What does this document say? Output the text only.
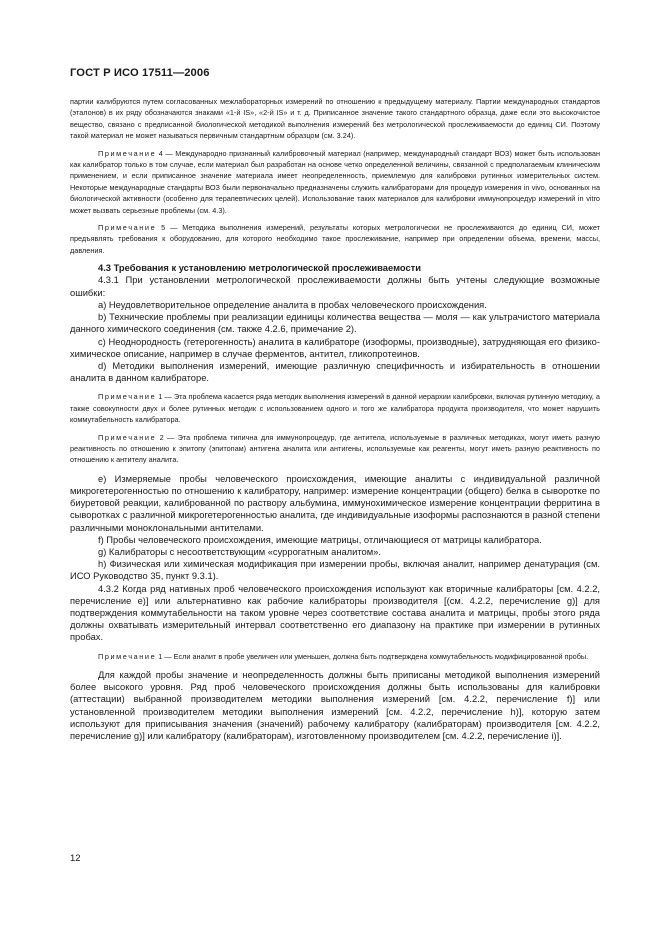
ГОСТ Р ИСО 17511—2006

партии калибруются путем согласованных межлабораторных измерений по отношению к предыдущему материалу. Партии международных стандартов (эталонов) в их ряду обозначаются знаками «1-й IS», «2-й IS» и т. д. Приписанное значение такого стандартного образца, даже если это высокочистое вещество, связано с предписанной биологической методикой выполнения измерений без метрологической прослеживаемости до единиц СИ. Поэтому такой материал не может называться первичным стандартным образцом (см. 3.24).

Примечание 4 — Международно признанный калибровочный материал (например, международный стандарт ВОЗ) может быть использован как калибратор только в том случае, если материал был разработан на основе четко определенной величины, связанной с предполагаемым клиническим применением, и если приписанное значение материала имеет неопределенность, приемлемую для калибровки рутинных измерительных систем. Некоторые международные стандарты ВОЗ были первоначально предназначены служить калибраторами для процедур измерения in vivo, основанных на биологической активности (особенно для терапевтических целей). Использование таких материалов для калибровки иммунопроцедур измерений in vitro может вызвать серьезные проблемы (см. 4.3).

Примечание 5 — Методика выполнения измерений, результаты которых метрологически не прослеживаются до единиц СИ, может предъявлять требования к оборудованию, для которого необходимо такое прослеживание, например при определении объема, времени, массы, давления.

4.3 Требования к установлению метрологической прослеживаемости

4.3.1 При установлении метрологической прослеживаемости должны быть учтены следующие возможные ошибки:

a) Неудовлетворительное определение аналита в пробах человеческого происхождения.

b) Технические проблемы при реализации единицы количества вещества — моля — как ультрачистого материала данного химического соединения (см. также 4.2.6, примечание 2).

c) Неоднородность (гетерогенность) аналита в калибраторе (изоформы, производные), затрудняющая его физико-химическое описание, например в случае ферментов, антител, гликопротеинов.

d) Методики выполнения измерений, имеющие различную специфичность и избирательность в отношении аналита в данном калибраторе.

Примечание 1 — Эта проблема касается ряда методик выполнения измерений в данной иерархии калибровки, включая рутинную методику, а также совокупности двух и более рутинных методик с использованием одного и того же калибратора продукта производителя, что может нарушить коммутабельность калибратора.

Примечание 2 — Эта проблема типична для иммунопроцедур, где антитела, используемые в различных методиках, могут иметь разную реактивность по отношению к эпитопу (эпитопам) антигена аналита или антигены, используемые как реагенты, могут иметь разную реактивность по отношению к антителу аналита.

e) Измеряемые пробы человеческого происхождения, имеющие аналиты с индивидуальной различной микрогетерогенностью по отношению к калибратору, например: измерение концентрации (общего) белка в сыворотке по биуретовой реакции, калиброванной по раствору альбумина, иммунохимическое измерение концентрации ферритина в сыворотках с различной микрогетерогенностью аналита, где индивидуальные изоформы распознаются в разной степени различными моноклональными антителами.

f) Пробы человеческого происхождения, имеющие матрицы, отличающиеся от матрицы калибратора.

g) Калибраторы с несоответствующим «суррогатным аналитом».

h) Физическая или химическая модификация при измерении пробы, включая аналит, например денатурация (см. ИСО Руководство 35, пункт 9.3.1).

4.3.2 Когда ряд нативных проб человеческого происхождения используют как вторичные калибраторы [см. 4.2.2, перечисление e)] или альтернативно как рабочие калибраторы производителя [(см. 4.2.2, перечисление g)] для подтверждения коммутабельности на таком уровне через соответствие состава аналита и матрицы, пробы этого ряда должны охватывать измерительный интервал соответственно его диапазону на практике при измерении в рутинных пробах.

Примечание 1 — Если аналит в пробе увеличен или уменьшен, должна быть подтверждена коммутабельность модифицированной пробы.

Для каждой пробы значение и неопределенность должны быть приписаны методикой выполнения измерений более высокого уровня. Ряд проб человеческого происхождения должны быть использованы для калибровки (аттестации) выбранной производителем методики выполнения измерений [см. 4.2.2, перечисление f)] или установленной производителем методики выполнения измерений [см. 4.2.2, перечисление h)], которую затем используют для приписывания значения (значений) рабочему калибратору (калибраторам) производителя [см. 4.2.2, перечисление g)] или калибратору (калибраторам), изготовленному производителем [см. 4.2.2, перечисление i)].

12
